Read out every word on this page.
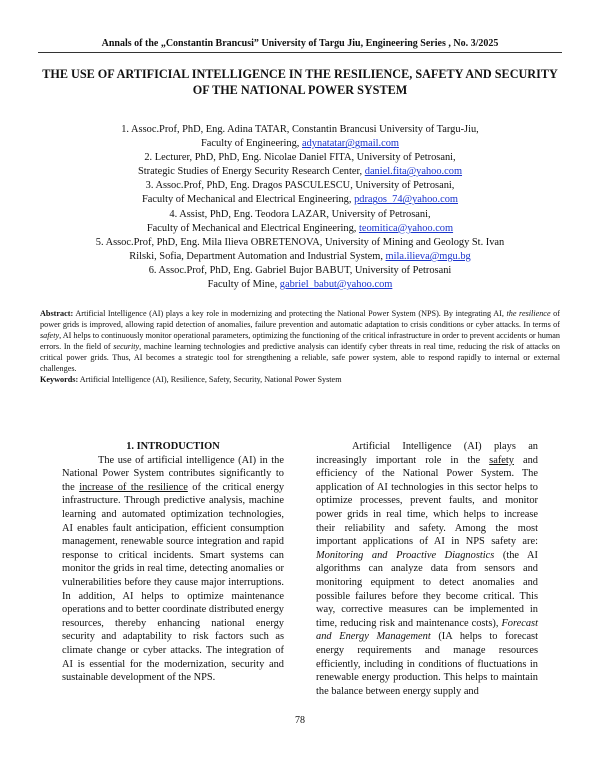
Annals of the „Constantin Brancusi” University of Targu Jiu, Engineering Series , No. 3/2025
THE USE OF ARTIFICIAL INTELLIGENCE IN THE RESILIENCE, SAFETY AND SECURITY OF THE NATIONAL POWER SYSTEM
1. Assoc.Prof, PhD, Eng. Adina TATAR, Constantin Brancusi University of Targu-Jiu,
Faculty of Engineering, adynatatar@gmail.com
2. Lecturer, PhD, PhD, Eng. Nicolae Daniel FITA, University of Petrosani,
Strategic Studies of Energy Security Research Center, daniel.fita@yahoo.com
3. Assoc.Prof, PhD, Eng. Dragos PASCULESCU, University of Petrosani,
Faculty of Mechanical and Electrical Engineering, pdragos_74@yahoo.com
4. Assist, PhD, Eng. Teodora LAZAR, University of Petrosani,
Faculty of Mechanical and Electrical Engineering, teomitica@yahoo.com
5. Assoc.Prof, PhD, Eng. Mila Ilieva OBRETENOVA, University of Mining and Geology St. Ivan
Rilski, Sofia, Department Automation and Industrial System, mila.ilieva@mgu.bg
6. Assoc.Prof, PhD, Eng. Gabriel Bujor BABUT, University of Petrosani
Faculty of Mine, gabriel_babut@yahoo.com
Abstract: Artificial Intelligence (AI) plays a key role in modernizing and protecting the National Power System (NPS). By integrating AI, the resilience of power grids is improved, allowing rapid detection of anomalies, failure prevention and automatic adaptation to crisis conditions or cyber attacks. In terms of safety, AI helps to continuously monitor operational parameters, optimizing the functioning of the critical infrastructure in order to prevent accidents or human errors. In the field of security, machine learning technologies and predictive analysis can identify cyber threats in real time, reducing the risk of attacks on critical power grids. Thus, AI becomes a strategic tool for strengthening a reliable, safe power system, able to respond rapidly to internal or external challenges.
Keywords: Artificial Intelligence (AI), Resilience, Safety, Security, National Power System

1. INTRODUCTION

The use of artificial intelligence (AI) in the National Power System contributes significantly to the increase of the resilience of the critical energy infrastructure. Through predictive analysis, machine learning and automated optimization technologies, AI enables fault anticipation, efficient consumption management, renewable source integration and rapid response to critical incidents. Smart systems can monitor the grids in real time, detecting anomalies or vulnerabilities before they cause major interruptions. In addition, AI helps to optimize maintenance operations and to better coordinate distributed energy resources, thereby enhancing national energy security and adaptability to risk factors such as climate change or cyber attacks. The integration of AI is essential for the modernization, security and sustainable development of the NPS.

Artificial Intelligence (AI) plays an increasingly important role in the safety and efficiency of the National Power System. The application of AI technologies in this sector helps to optimize processes, prevent faults, and monitor power grids in real time, which helps to increase their reliability and safety. Among the most important applications of AI in NPS safety are: Monitoring and Proactive Diagnostics (the AI algorithms can analyze data from sensors and monitoring equipment to detect anomalies and possible failures before they become critical. This way, corrective measures can be implemented in time, reducing risk and maintenance costs), Forecast and Energy Management (IA helps to forecast energy requirements and manage resources efficiently, including in conditions of fluctuations in renewable energy production. This helps to maintain the balance between energy supply and

78
